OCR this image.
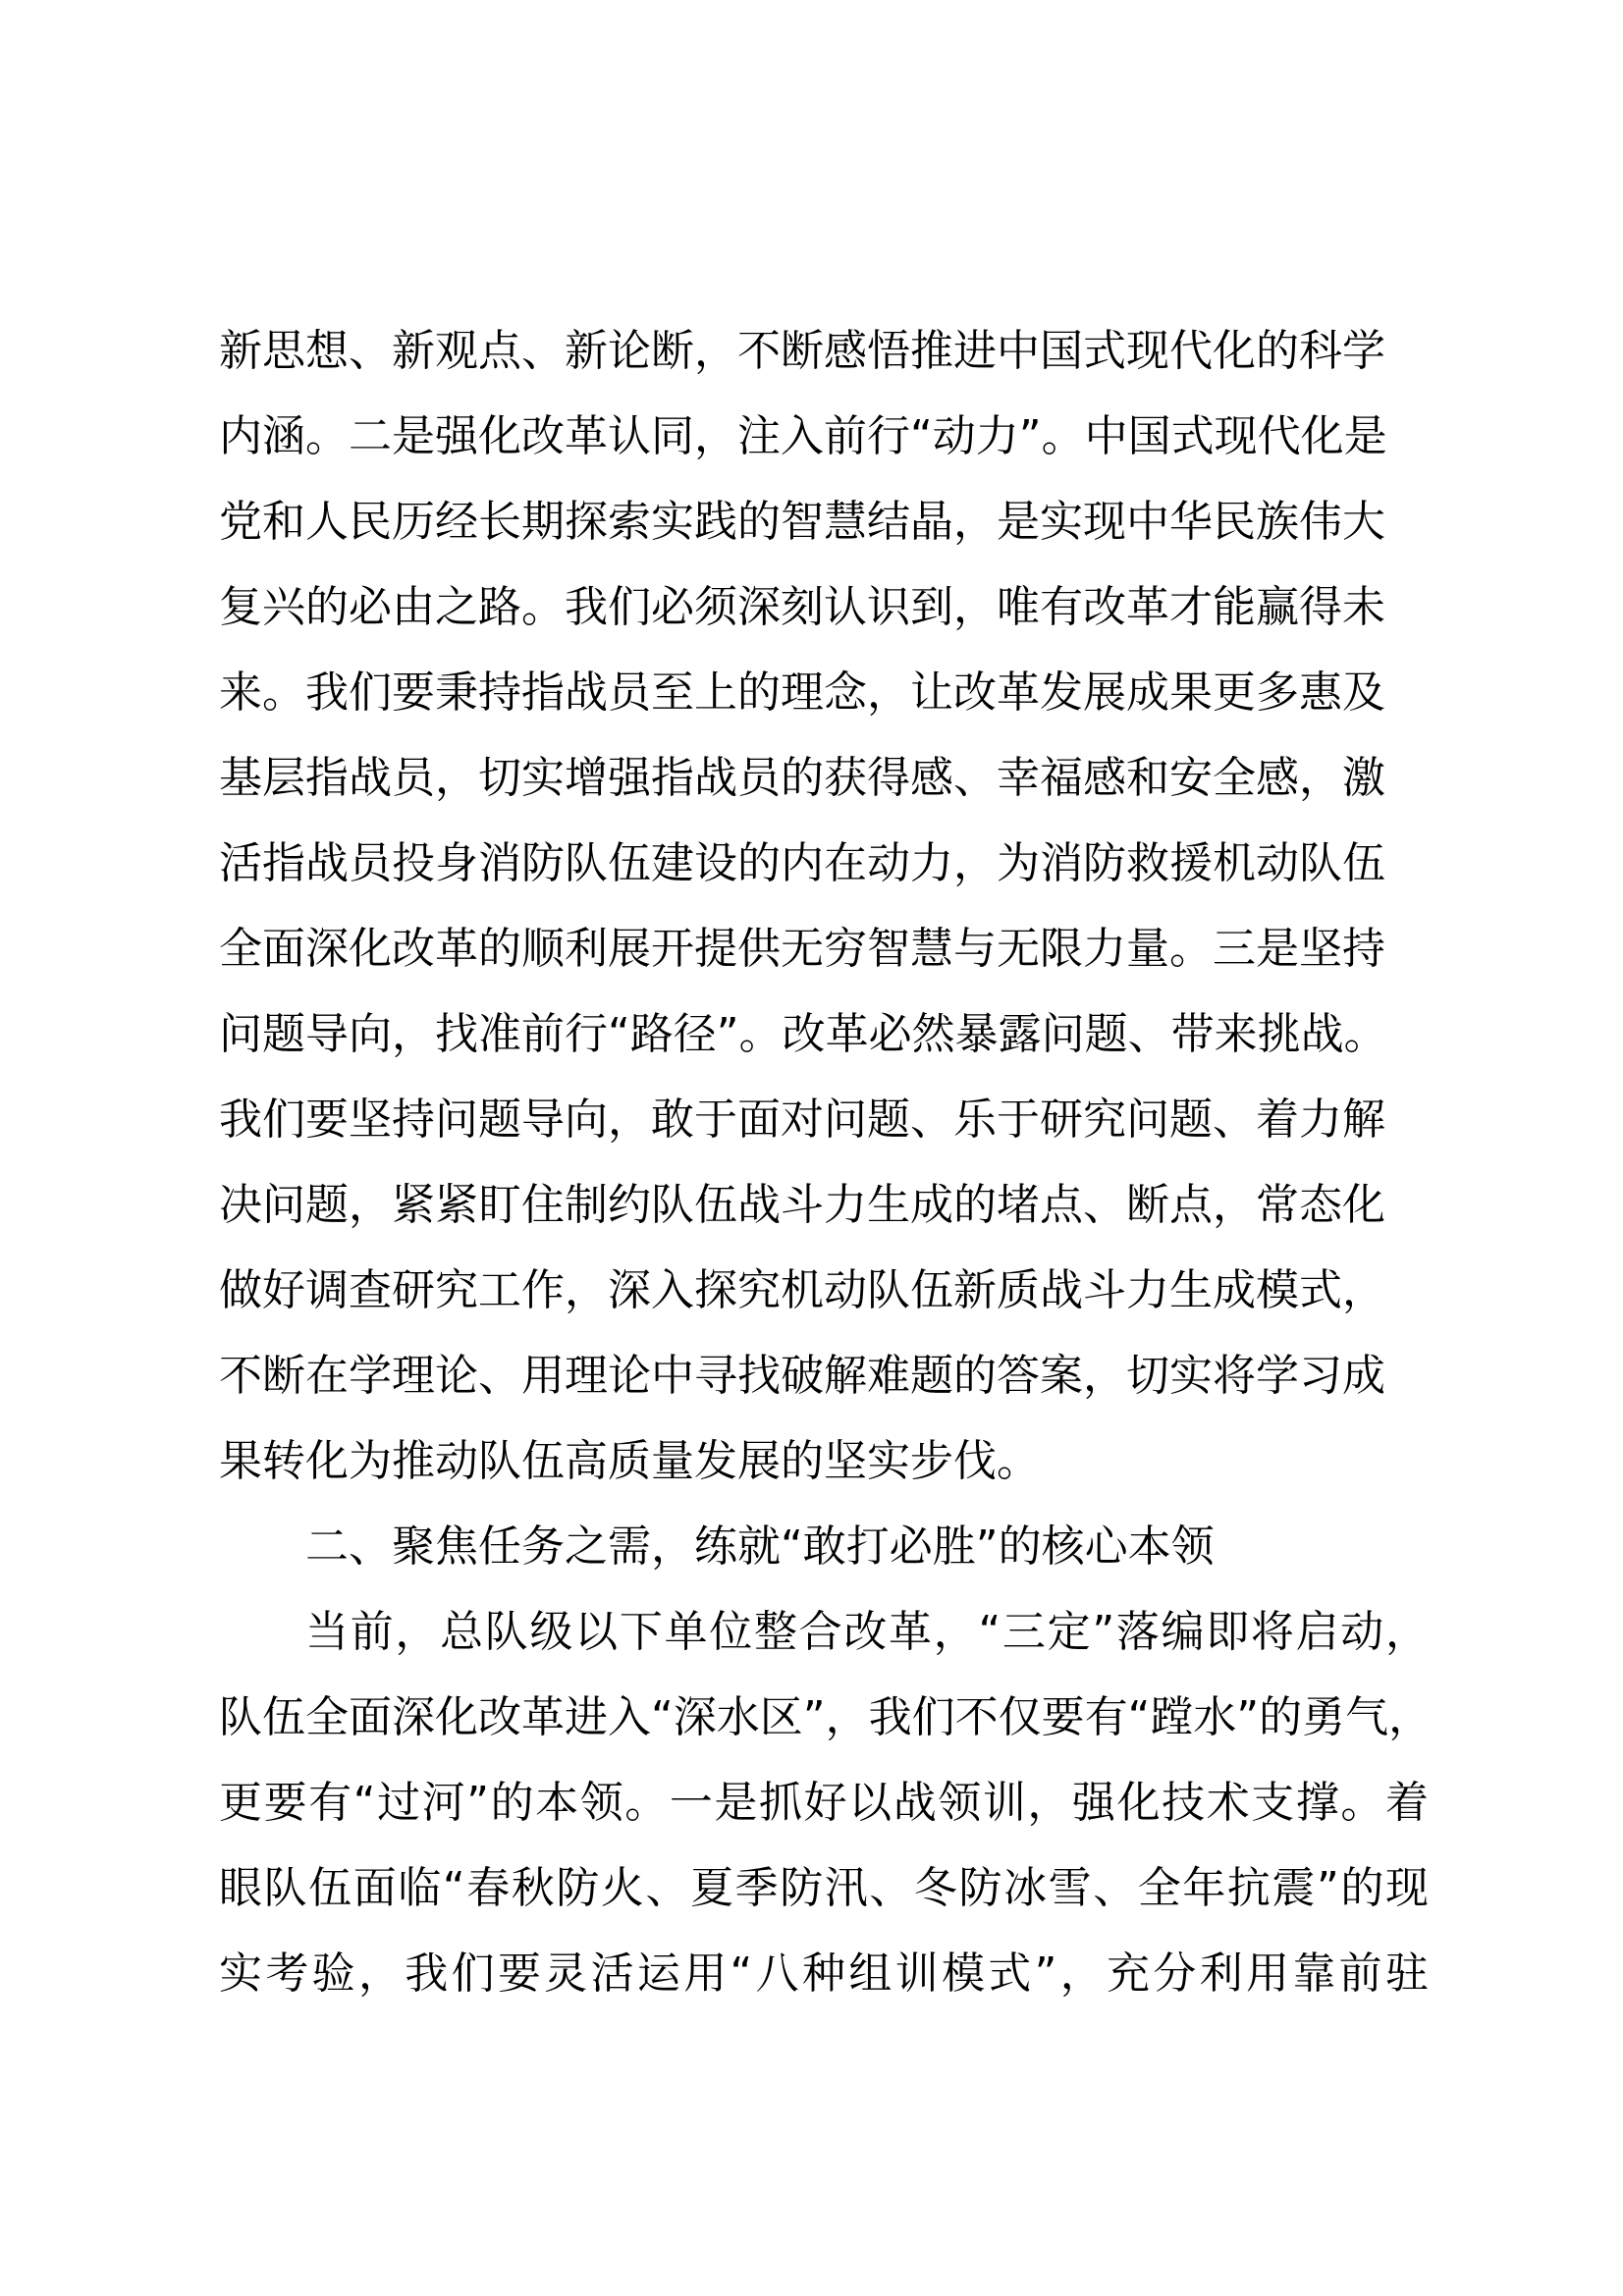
新思想、新观点、新论断，不断感悟推进中国式现代化的科学
内涵。二是强化改革认同，注入前行“动力”。中国式现代化是
党和人民历经长期探索实践的智慧结晶，是实现中华民族伟大
复兴的必由之路。我们必须深刻认识到，唯有改革才能赢得未
来。我们要秉持指战员至上的理念，让改革发展成果更多惠及
基层指战员，切实增强指战员的获得感、幸福感和安全感，激
活指战员投身消防队伍建设的内在动力，为消防救援机动队伍
全面深化改革的顺利展开提供无穷智慧与无限力量。三是坚持
问题导向，找准前行“路径”。改革必然暴露问题、带来挑战。
我们要坚持问题导向，敢于面对问题、乐于研究问题、着力解
决问题，紧紧盯住制约队伍战斗力生成的堵点、断点，常态化
做好调查研究工作，深入探究机动队伍新质战斗力生成模式，
不断在学理论、用理论中寻找破解难题的答案，切实将学习成
果转化为推动队伍高质量发展的坚实步伐。
二、聚焦任务之需，练就“敢打必胜”的核心本领
当前，总队级以下单位整合改革，“三定”落编即将启动，
队伍全面深化改革进入“深水区”，我们不仅要有“蹚水”的勇气，
更要有“过河”的本领。一是抓好以战领训，强化技术支撑。着
眼队伍面临“春秋防火、夏季防汛、冬防冰雪、全年抗震”的现
实考验，我们要灵活运用“八种组训模式”，充分利用靠前驻
